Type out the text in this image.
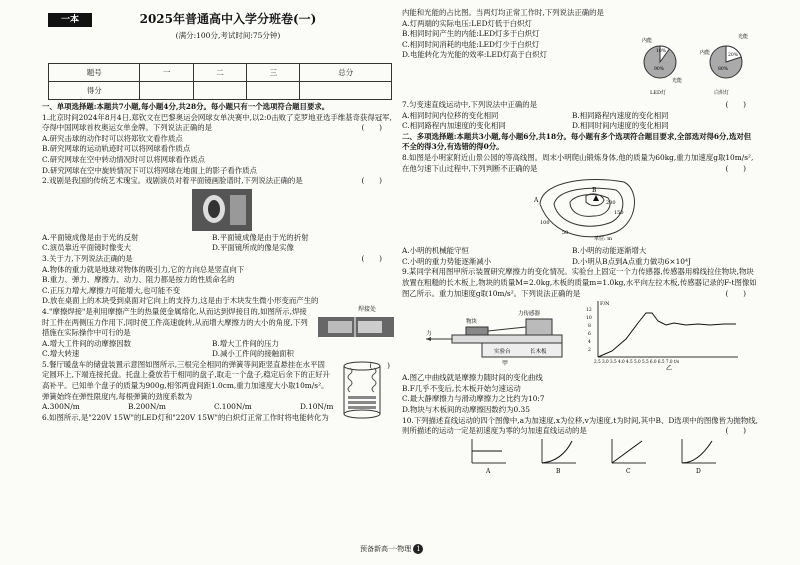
一本	2025年普通高中入学分班卷(一)
(满分:100分,考试时间:75分钟)
题号	一	二	三	总分
得分				

一、单项选择题:本题共7小题,每小题4分,共28分。每小题只有一个选项符合题目要求。

1.北京时间2024年8月4日,郑钦文在巴黎奥运会网球女单决赛中,以2:0击败了克罗地亚选手维基奇获得冠军,夺得中国网球首枚奥运女单金牌。下列说法正确的是	(　　)

A.研究击球的动作时可以将郑钦文看作质点
B.研究网球的运动轨迹时可以将网球看作质点
C.研究网球在空中转动情况时可以将网球看作质点
D.研究网球在空中旋转情况下可以将网球在地面上的影子看作质点

2.戏剧是我国的传统艺术瑰宝。戏剧演员对着平面镜画脸谱时,下列说法正确的是	(　　)

A.平面镜成像是由于光的反射	B.平面镜成像是由于光的折射 C.演员靠近平面镜时像变大	D.平面镜所成的像是实像

3.关于力,下列说法正确的是	(　　)

A.物体的重力就是地球对物体的吸引力,它的方向总是竖直向下
B.重力、弹力、摩擦力、动力、阻力都是按力的性质命名的
C.正压力增大,摩擦力可能增大,也可能不变
D.放在桌面上的木块受到桌面对它向上的支持力,这是由于木块发生微小形变而产生的

4."摩擦焊接"是利用摩擦产生的热量使金属熔化,从而达到焊接目的,如图所示,焊接时工件在两侧压力作用下,同时使工件高速旋转,从而增大摩擦力的大小的角度,下列措施在实际操作中可行的是

焊接处
(　　)
A.增大工件间的动摩擦因数	B.增大工件间的压力 C.增大转速	D.减小工件间的接触面积

5.餐厅暖盘车的储盘装置示意图如图所示,三根完全相同的弹簧等间距竖直悬挂在水平固定圆环上,下端连接托盘。托盘上叠放若干相同的盘子,取走一个盘子,稳定后余下的正好升高补平。已知单个盘子的质量为900g,相邻两盘间距1.0cm,重力加速度大小取10m/s²。弹簧始终在弹性限度内,每根弹簧的劲度系数为

A.300N/m	B.200N/m	C.100N/m	D.10N/m

6.如图所示,是"220V 15W"的LED灯和"220V 15W"的白炽灯正常工作时将电能转化为

内能和光能的占比图。当两灯均正常工作时,下列说法正确的是

A.灯两端的实际电压:LED灯低于白炽灯
B.相同时间产生的内能:LED灯多于白炽灯
C.相同时间消耗的电能:LED灯少于白炽灯
D.电能转化为光能的效率:LED灯高于白炽灯
内能
光能
10%
90%
LED灯
内能
光能
20%
80%
白炽灯

7.匀变速直线运动中,下列说法中正确的是	(　　)

A.相同时间内位移的变化相同	B.相同路程内速度的变化相同 C.相同路程内加速度的变化相同	D.相同时间内速度的变化相同

二、多项选择题:本题共3小题,每小题6分,共18分。每小题有多个选项符合题目要求,全部选对得6分,选对但不全的得3分,有选错的得0分。

8.如图是小明家附近山景公园的等高线图。周末小明爬山锻炼身体,他的质量为60kg,重力加速度g取10m/s²,在他匀速下山过程中,下列判断不正确的是	(　　)

B
200
150
100
50
A
单位: m
A.小明的机械能守恒	B.小明的动能逐渐增大 C.小明的重力势能逐渐减小	D.小明从B点到A点重力做功6×10⁴J

9.某同学利用图甲所示装置研究摩擦力的变化情况。实验台上固定一个力传感器,传感器用棉线拉住物块,物块放置在粗糙的长木板上,物块的质量M=2.0kg,木板的质量m=1.0kg,水平向左拉木板,传感器记录的F-t图像如图乙所示。重力加速度g取10m/s²。下列说法正确的是	(　　)

物块
力传感器
实验台	长木板
力
甲
F/N
12
10
8
6
4
2
2.5 3.0 3.5 4.0 4.5 5.0 5.5 6.0 6.5 7.0 t/s
乙
A.图乙中曲线就是摩擦力随时间的变化曲线
B.F几乎不变后,长木板开始匀速运动
C.最大静摩擦力与滑动摩擦力之比约为10:7
D.物块与木板间的动摩擦因数约为0.35

10.下列描述直线运动的四个图像中,a为加速度,x为位移,v为速度,t为时间,其中B、D选项中的图像皆为抛物线,则所描述的运动一定是初速度为零的匀加速直线运动的是	(　　)

A	B	C	D
预备新高一·物理 1
